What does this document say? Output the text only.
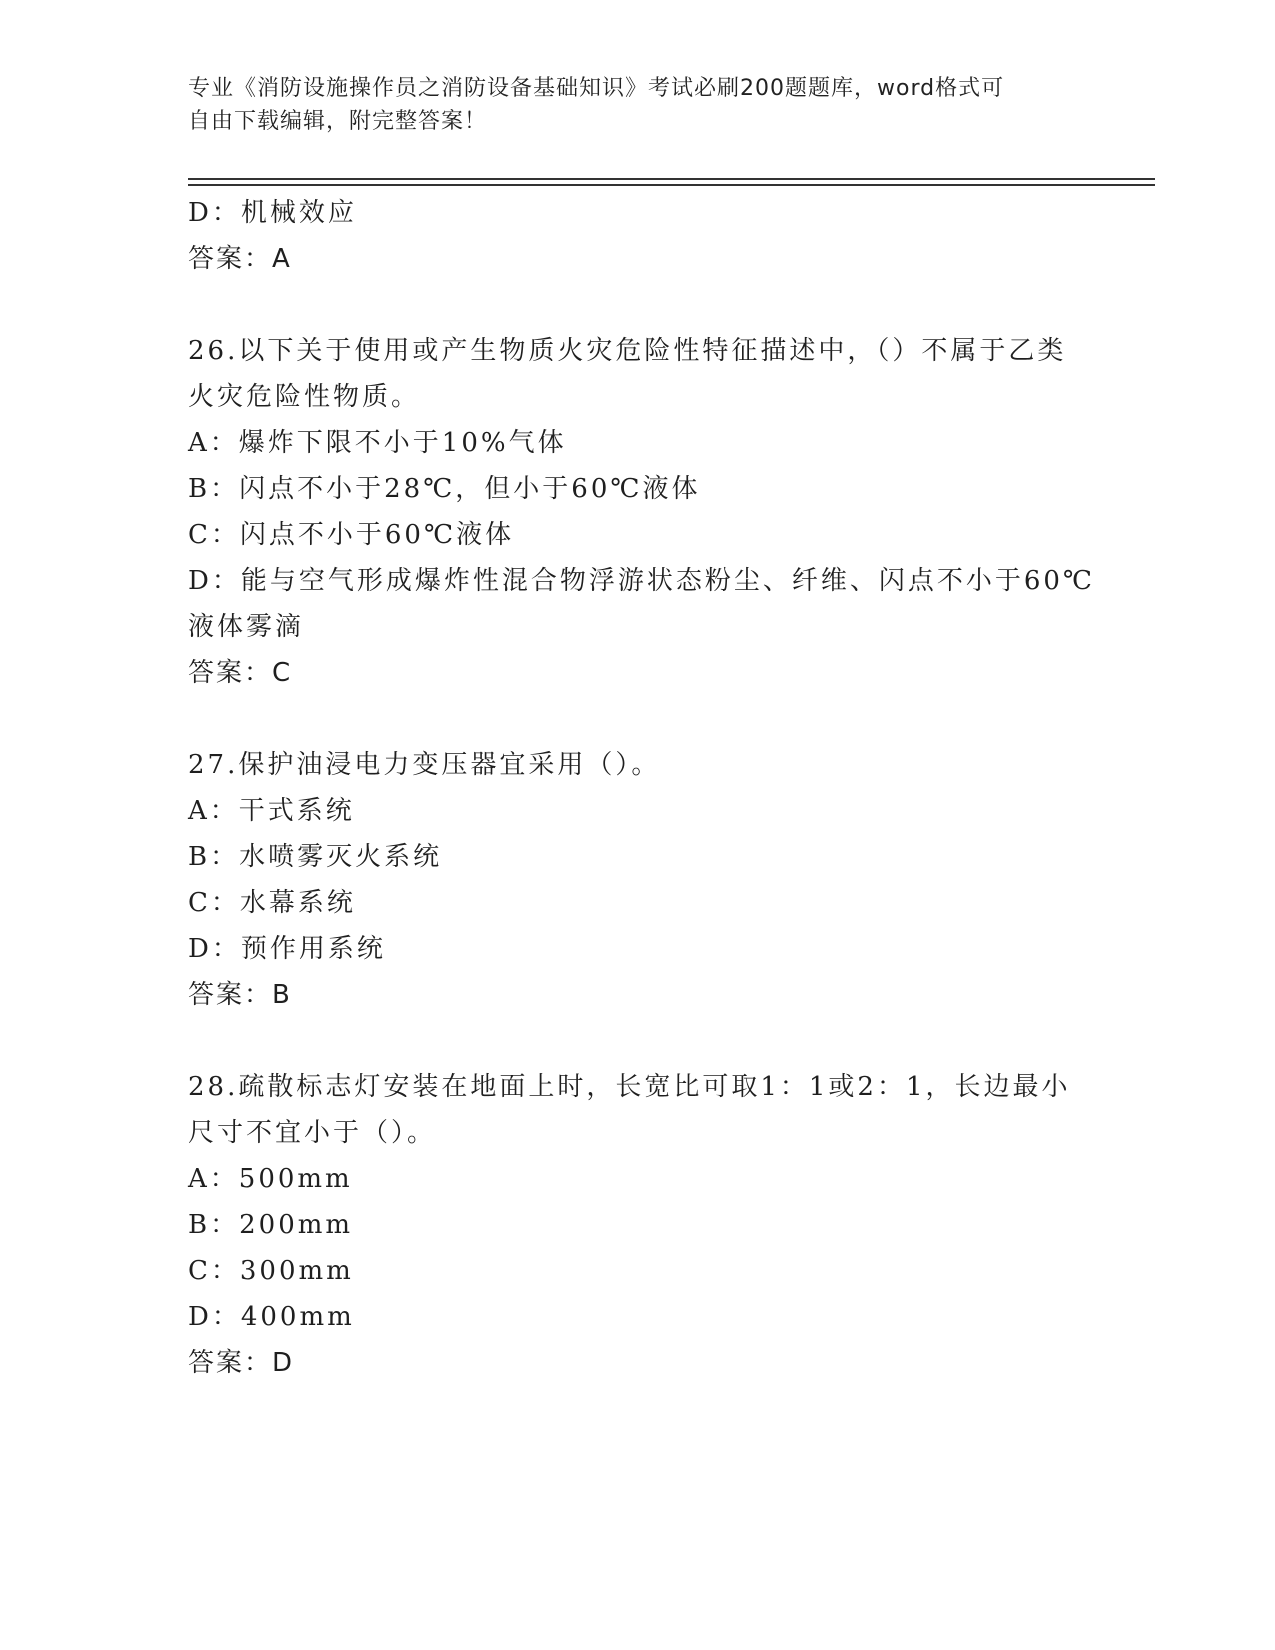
专业《消防设施操作员之消防设备基础知识》考试必刷200题题库，word格式可
自由下载编辑，附完整答案！
D：机械效应
答案：A
26.以下关于使用或产生物质火灾危险性特征描述中，（）不属于乙类
火灾危险性物质。
A：爆炸下限不小于10%气体
B：闪点不小于28℃，但小于60℃液体
C：闪点不小于60℃液体
D：能与空气形成爆炸性混合物浮游状态粉尘、纤维、闪点不小于60℃
液体雾滴
答案：C
27.保护油浸电力变压器宜采用（）。
A：干式系统
B：水喷雾灭火系统
C：水幕系统
D：预作用系统
答案：B
28.疏散标志灯安装在地面上时，长宽比可取1：1或2：1，长边最小
尺寸不宜小于（）。
A：500mm
B：200mm
C：300mm
D：400mm
答案：D
